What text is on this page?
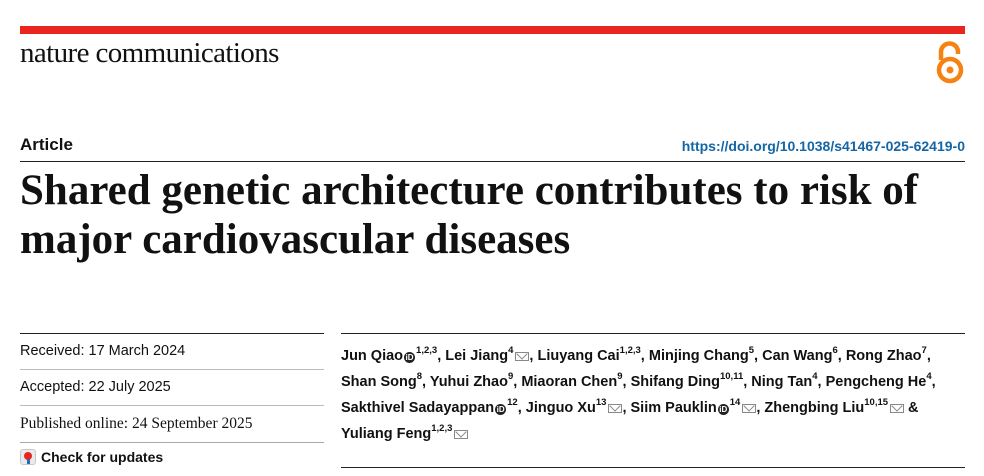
nature communications
Article	https://doi.org/10.1038/s41467-025-62419-0
Shared genetic architecture contributes to risk of major cardiovascular diseases
Received: 17 March 2024
Accepted: 22 July 2025
Published online: 24 September 2025
Check for updates
Jun Qiao iD$^{1,2,3}$, Lei Jiang$^4$ , Liuyang Cai$^{1,2,3}$, Minjing Chang$^5$, Can Wang$^6$, Rong Zhao$^7$, Shan Song$^8$, Yuhui Zhao$^9$, Miaoran Chen$^9$, Shifang Ding$^{10,11}$, Ning Tan$^4$, Pengcheng He$^4$, Sakthivel Sadayappan $iD^{12}$, Jinguo Xu$^{13}$ , Siim Pauklin $iD^{14}$ , Zhengbing Liu$^{10,15}$ & Yuliang Feng$^{1,2,3}$
